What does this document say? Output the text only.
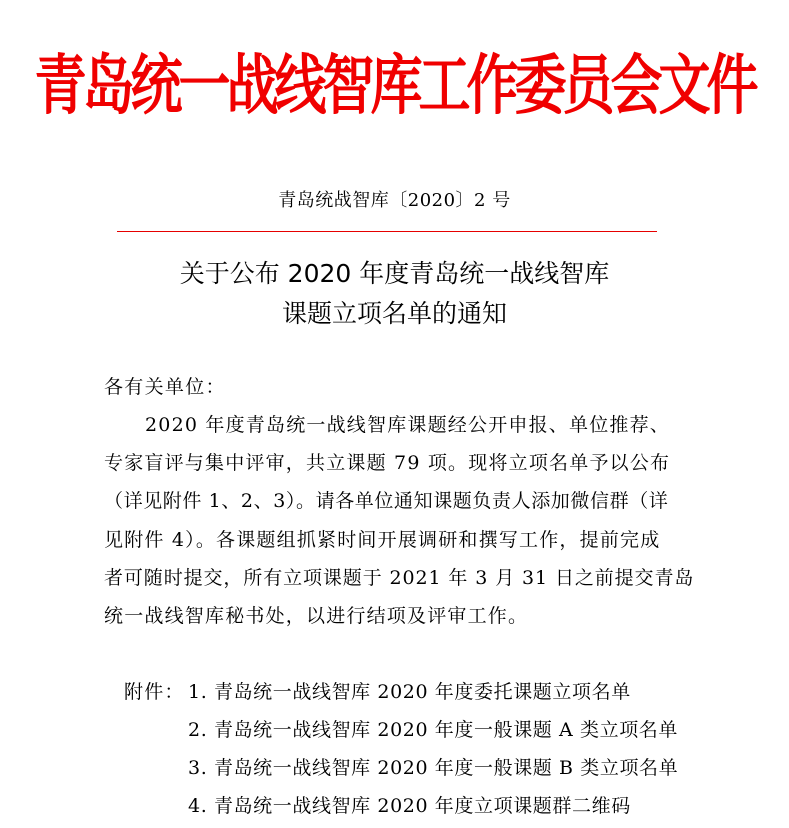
青岛统一战线智库工作委员会文件
青岛统战智库〔2020〕2 号
关于公布 2020 年度青岛统一战线智库
课题立项名单的通知
各有关单位：
2020 年度青岛统一战线智库课题经公开申报、单位推荐、
专家盲评与集中评审，共立课题 79 项。现将立项名单予以公布
（详见附件 1、2、3）。请各单位通知课题负责人添加微信群（详
见附件 4）。各课题组抓紧时间开展调研和撰写工作，提前完成
者可随时提交，所有立项课题于 2021 年 3 月 31 日之前提交青岛
统一战线智库秘书处，以进行结项及评审工作。
附件： 1. 青岛统一战线智库 2020 年度委托课题立项名单
2. 青岛统一战线智库 2020 年度一般课题 A 类立项名单
3. 青岛统一战线智库 2020 年度一般课题 B 类立项名单
4. 青岛统一战线智库 2020 年度立项课题群二维码
